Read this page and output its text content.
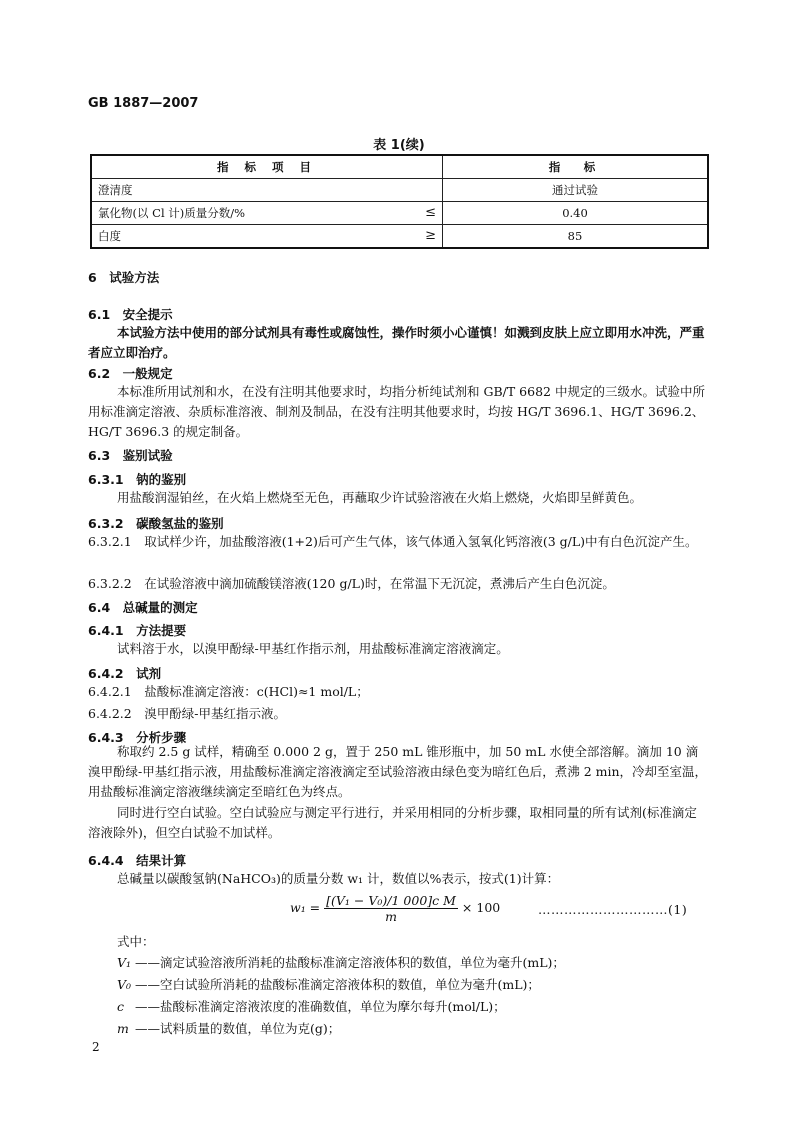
GB 1887—2007
表 1(续)
指 标 项 目	指　标
澄清度	通过试验
氯化物(以 Cl 计)质量分数/% ≤	0.40
白度 ≥	85
6　试验方法
6.1　安全提示
本试验方法中使用的部分试剂具有毒性或腐蚀性，操作时须小心谨慎！如溅到皮肤上应立即用水冲洗，严重者应立即治疗。
6.2　一般规定
本标准所用试剂和水，在没有注明其他要求时，均指分析纯试剂和 GB/T 6682 中规定的三级水。试验中所用标准滴定溶液、杂质标准溶液、制剂及制品，在没有注明其他要求时，均按 HG/T 3696.1、HG/T 3696.2、HG/T 3696.3 的规定制备。
6.3　鉴别试验
6.3.1　钠的鉴别
用盐酸润湿铂丝，在火焰上燃烧至无色，再蘸取少许试验溶液在火焰上燃烧，火焰即呈鲜黄色。
6.3.2　碳酸氢盐的鉴别
6.3.2.1　取试样少许，加盐酸溶液(1+2)后可产生气体，该气体通入氢氧化钙溶液(3 g/L)中有白色沉淀产生。
6.3.2.2　在试验溶液中滴加硫酸镁溶液(120 g/L)时，在常温下无沉淀，煮沸后产生白色沉淀。
6.4　总碱量的测定
6.4.1　方法提要
试料溶于水，以溴甲酚绿-甲基红作指示剂，用盐酸标准滴定溶液滴定。
6.4.2　试剂
6.4.2.1　盐酸标准滴定溶液：c(HCl)≈1 mol/L；
6.4.2.2　溴甲酚绿-甲基红指示液。
6.4.3　分析步骤
称取约 2.5 g 试样，精确至 0.000 2 g，置于 250 mL 锥形瓶中，加 50 mL 水使全部溶解。滴加 10 滴溴甲酚绿-甲基红指示液，用盐酸标准滴定溶液滴定至试验溶液由绿色变为暗红色后，煮沸 2 min，冷却至室温，用盐酸标准滴定溶液继续滴定至暗红色为终点。
同时进行空白试验。空白试验应与测定平行进行，并采用相同的分析步骤，取相同量的所有试剂(标准滴定溶液除外)，但空白试验不加试样。
6.4.4　结果计算
总碱量以碳酸氢钠(NaHCO₃)的质量分数 w₁ 计，数值以%表示，按式(1)计算：
$w_1 = \frac{\text{[(V₁ − V₀)/1 000]c M}}{m} \times 100$	…………………………(1)
式中：
V₁ ——滴定试验溶液所消耗的盐酸标准滴定溶液体积的数值，单位为毫升(mL)；
V₀ ——空白试验所消耗的盐酸标准滴定溶液体积的数值，单位为毫升(mL)；
c ——盐酸标准滴定溶液浓度的准确数值，单位为摩尔每升(mol/L)；
m ——试料质量的数值，单位为克(g)；
2
